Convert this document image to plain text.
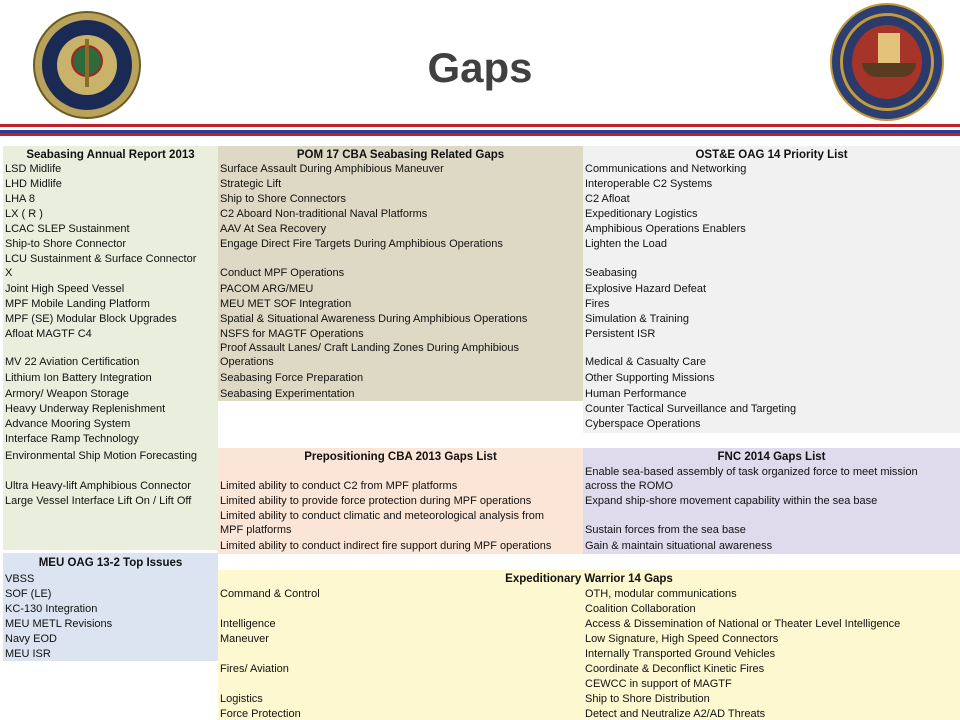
Gaps
Seabasing Annual Report 2013
LSD Midlife
LHD Midlife
LHA 8
LX ( R )
LCAC SLEP Sustainment
Ship-to Shore Connector
LCU Sustainment & Surface Connector
X
Joint High Speed Vessel
MPF Mobile Landing Platform
MPF (SE) Modular Block Upgrades
Afloat MAGTF C4
MV 22 Aviation Certification
Lithium Ion Battery Integration
Armory/ Weapon Storage
Heavy Underway Replenishment
Advance Mooring System
Interface Ramp Technology
Environmental Ship Motion Forecasting
Ultra Heavy-lift Amphibious Connector
Large Vessel Interface Lift On / Lift Off
POM 17 CBA Seabasing Related Gaps
Surface Assault During Amphibious Maneuver
Strategic Lift
Ship to Shore Connectors
C2 Aboard Non-traditional Naval Platforms
AAV At Sea Recovery
Engage Direct Fire Targets During Amphibious Operations
Conduct MPF Operations
PACOM ARG/MEU
MEU MET SOF Integration
Spatial & Situational Awareness During Amphibious Operations
NSFS for MAGTF Operations
Proof Assault Lanes/ Craft Landing Zones During Amphibious
Operations
Seabasing Force Preparation
Seabasing Experimentation
OST&E OAG 14 Priority List
Communications and Networking
Interoperable C2 Systems
C2 Afloat
Expeditionary Logistics
Amphibious Operations Enablers
Lighten the Load
Seabasing
Explosive Hazard Defeat
Fires
Simulation & Training
Persistent ISR
Medical & Casualty Care
Other Supporting Missions
Human Performance
Counter Tactical Surveillance and Targeting
Cyberspace Operations
Prepositioning CBA 2013 Gaps List
Limited ability to conduct C2 from MPF platforms
Limited ability to provide force protection during MPF operations
Limited ability to conduct climatic and meteorological analysis from
MPF platforms
Limited ability to conduct indirect fire support during MPF operations
FNC 2014 Gaps List
Enable sea-based assembly of task organized force to meet mission
across the ROMO
Expand ship-shore movement capability within the sea base
Sustain forces from the sea base
Gain & maintain situational awareness
MEU OAG 13-2 Top Issues
VBSS
SOF (LE)
KC-130 Integration
MEU METL Revisions
Navy EOD
MEU ISR
Expeditionary Warrior 14 Gaps
Command & Control
Intelligence
Maneuver
Fires/ Aviation
Logistics
Force Protection
OTH, modular communications
Coalition Collaboration
Access & Dissemination of National or Theater Level Intelligence
Low Signature, High Speed Connectors
Internally Transported Ground Vehicles
Coordinate & Deconflict Kinetic Fires
CEWCC in support of MAGTF
Ship to Shore Distribution
Detect and Neutralize A2/AD Threats
